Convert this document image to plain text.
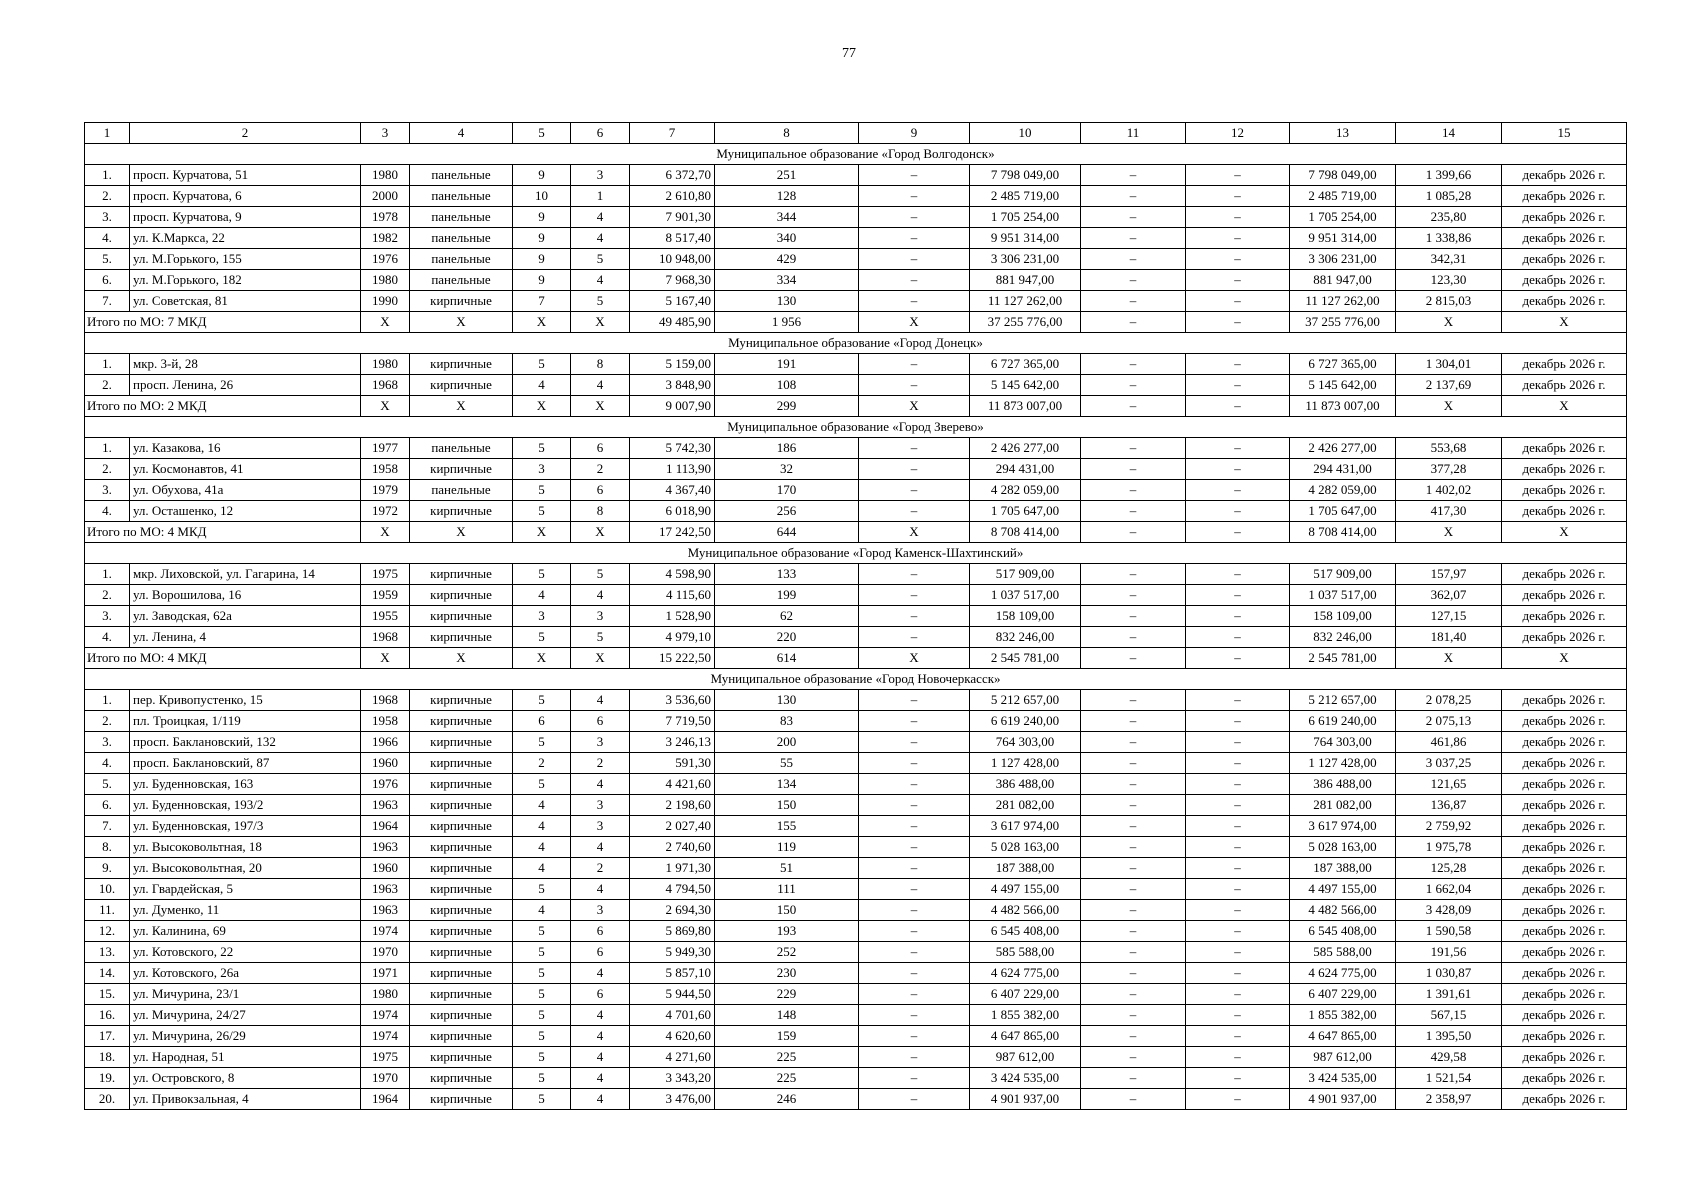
77
1	2	3	4	5	6	7	8	9	10	11	12	13	14	15
Муниципальное образование «Город Волгодонск»														
1.	просп. Курчатова, 51	1980	панельные	9	3	6 372,70	251	–	7 798 049,00	–	–	7 798 049,00	1 399,66	декабрь 2026 г.
2.	просп. Курчатова, 6	2000	панельные	10	1	2 610,80	128	–	2 485 719,00	–	–	2 485 719,00	1 085,28	декабрь 2026 г.
3.	просп. Курчатова, 9	1978	панельные	9	4	7 901,30	344	–	1 705 254,00	–	–	1 705 254,00	235,80	декабрь 2026 г.
4.	ул. К.Маркса, 22	1982	панельные	9	4	8 517,40	340	–	9 951 314,00	–	–	9 951 314,00	1 338,86	декабрь 2026 г.
5.	ул. М.Горького, 155	1976	панельные	9	5	10 948,00	429	–	3 306 231,00	–	–	3 306 231,00	342,31	декабрь 2026 г.
6.	ул. М.Горького, 182	1980	панельные	9	4	7 968,30	334	–	881 947,00	–	–	881 947,00	123,30	декабрь 2026 г.
7.	ул. Советская, 81	1990	кирпичные	7	5	5 167,40	130	–	11 127 262,00	–	–	11 127 262,00	2 815,03	декабрь 2026 г.
Итого по МО: 7 МКД		X	X	X	X	49 485,90	1 956	X	37 255 776,00	–	–	37 255 776,00	X	X
Муниципальное образование «Город Донецк»														
1.	мкр. 3-й, 28	1980	кирпичные	5	8	5 159,00	191	–	6 727 365,00	–	–	6 727 365,00	1 304,01	декабрь 2026 г.
2.	просп. Ленина, 26	1968	кирпичные	4	4	3 848,90	108	–	5 145 642,00	–	–	5 145 642,00	2 137,69	декабрь 2026 г.
Итого по МО: 2 МКД		X	X	X	X	9 007,90	299	X	11 873 007,00	–	–	11 873 007,00	X	X
Муниципальное образование «Город Зверево»														
1.	ул. Казакова, 16	1977	панельные	5	6	5 742,30	186	–	2 426 277,00	–	–	2 426 277,00	553,68	декабрь 2026 г.
2.	ул. Космонавтов, 41	1958	кирпичные	3	2	1 113,90	32	–	294 431,00	–	–	294 431,00	377,28	декабрь 2026 г.
3.	ул. Обухова, 41а	1979	панельные	5	6	4 367,40	170	–	4 282 059,00	–	–	4 282 059,00	1 402,02	декабрь 2026 г.
4.	ул. Осташенко, 12	1972	кирпичные	5	8	6 018,90	256	–	1 705 647,00	–	–	1 705 647,00	417,30	декабрь 2026 г.
Итого по МО: 4 МКД		X	X	X	X	17 242,50	644	X	8 708 414,00	–	–	8 708 414,00	X	X
Муниципальное образование «Город Каменск-Шахтинский»														
1.	мкр. Лиховской, ул. Гагарина, 14	1975	кирпичные	5	5	4 598,90	133	–	517 909,00	–	–	517 909,00	157,97	декабрь 2026 г.
2.	ул. Ворошилова, 16	1959	кирпичные	4	4	4 115,60	199	–	1 037 517,00	–	–	1 037 517,00	362,07	декабрь 2026 г.
3.	ул. Заводская, 62а	1955	кирпичные	3	3	1 528,90	62	–	158 109,00	–	–	158 109,00	127,15	декабрь 2026 г.
4.	ул. Ленина, 4	1968	кирпичные	5	5	4 979,10	220	–	832 246,00	–	–	832 246,00	181,40	декабрь 2026 г.
Итого по МО: 4 МКД		X	X	X	X	15 222,50	614	X	2 545 781,00	–	–	2 545 781,00	X	X
Муниципальное образование «Город Новочеркасск»														
1.	пер. Кривопустенко, 15	1968	кирпичные	5	4	3 536,60	130	–	5 212 657,00	–	–	5 212 657,00	2 078,25	декабрь 2026 г.
2.	пл. Троицкая, 1/119	1958	кирпичные	6	6	7 719,50	83	–	6 619 240,00	–	–	6 619 240,00	2 075,13	декабрь 2026 г.
3.	просп. Баклановский, 132	1966	кирпичные	5	3	3 246,13	200	–	764 303,00	–	–	764 303,00	461,86	декабрь 2026 г.
4.	просп. Баклановский, 87	1960	кирпичные	2	2	591,30	55	–	1 127 428,00	–	–	1 127 428,00	3 037,25	декабрь 2026 г.
5.	ул. Буденновская, 163	1976	кирпичные	5	4	4 421,60	134	–	386 488,00	–	–	386 488,00	121,65	декабрь 2026 г.
6.	ул. Буденновская, 193/2	1963	кирпичные	4	3	2 198,60	150	–	281 082,00	–	–	281 082,00	136,87	декабрь 2026 г.
7.	ул. Буденновская, 197/3	1964	кирпичные	4	3	2 027,40	155	–	3 617 974,00	–	–	3 617 974,00	2 759,92	декабрь 2026 г.
8.	ул. Высоковольтная, 18	1963	кирпичные	4	4	2 740,60	119	–	5 028 163,00	–	–	5 028 163,00	1 975,78	декабрь 2026 г.
9.	ул. Высоковольтная, 20	1960	кирпичные	4	2	1 971,30	51	–	187 388,00	–	–	187 388,00	125,28	декабрь 2026 г.
10.	ул. Гвардейская, 5	1963	кирпичные	5	4	4 794,50	111	–	4 497 155,00	–	–	4 497 155,00	1 662,04	декабрь 2026 г.
11.	ул. Думенко, 11	1963	кирпичные	4	3	2 694,30	150	–	4 482 566,00	–	–	4 482 566,00	3 428,09	декабрь 2026 г.
12.	ул. Калинина, 69	1974	кирпичные	5	6	5 869,80	193	–	6 545 408,00	–	–	6 545 408,00	1 590,58	декабрь 2026 г.
13.	ул. Котовского, 22	1970	кирпичные	5	6	5 949,30	252	–	585 588,00	–	–	585 588,00	191,56	декабрь 2026 г.
14.	ул. Котовского, 26а	1971	кирпичные	5	4	5 857,10	230	–	4 624 775,00	–	–	4 624 775,00	1 030,87	декабрь 2026 г.
15.	ул. Мичурина, 23/1	1980	кирпичные	5	6	5 944,50	229	–	6 407 229,00	–	–	6 407 229,00	1 391,61	декабрь 2026 г.
16.	ул. Мичурина, 24/27	1974	кирпичные	5	4	4 701,60	148	–	1 855 382,00	–	–	1 855 382,00	567,15	декабрь 2026 г.
17.	ул. Мичурина, 26/29	1974	кирпичные	5	4	4 620,60	159	–	4 647 865,00	–	–	4 647 865,00	1 395,50	декабрь 2026 г.
18.	ул. Народная, 51	1975	кирпичные	5	4	4 271,60	225	–	987 612,00	–	–	987 612,00	429,58	декабрь 2026 г.
19.	ул. Островского, 8	1970	кирпичные	5	4	3 343,20	225	–	3 424 535,00	–	–	3 424 535,00	1 521,54	декабрь 2026 г.
20.	ул. Привокзальная, 4	1964	кирпичные	5	4	3 476,00	246	–	4 901 937,00	–	–	4 901 937,00	2 358,97	декабрь 2026 г.
